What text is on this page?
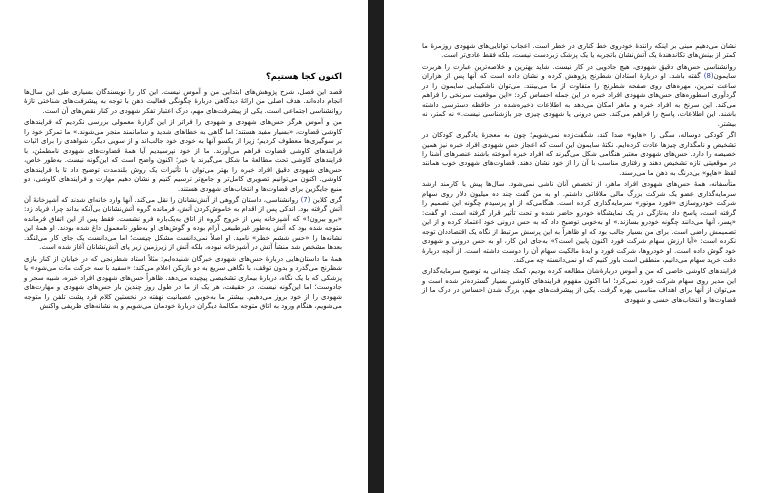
اکنون کجا هستیم؟

قصد این فصل، شرح پژوهش‌های ابتدایی من و آموس نیست. این کار را نویسندگان بسیاری طی این سال‌ها انجام داده‌اند. هدف اصلی من ارائهٔ دیدگاهی دربارهٔ چگونگی فعالیت ذهن با توجه به پیشرفت‌های شناختی تازهٔ روانشناسی اجتماعی است. یکی از پیشرفت‌های مهم، درک اعتبار تفکر شهودی در کنار نقص‌های آن است.

من و آموس هرگز حس‌های شهودی و شهودی را فراتر از این گزارهٔ معمولی بررسی نکردیم که فرایندهای کاوشی قضاوت، «بسیار مفید هستند؛ اما گاهی به خطاهای شدید و سامانمند منجر می‌شوند.» ما تمرکز خود را بر سوگیری‌ها معطوف کردیم؛ زیرا از یکسو آنها به خودی خود جالب‌اند و از سویی دیگر، شواهدی را برای اثبات فرایندهای کاوشی قضاوت فراهم می‌آورند. ما از خود نپرسیدیم آیا همهٔ قضاوت‌های شهودی نامطمئن، با فرایندهای کاوشی تحت مطالعهٔ ما شکل می‌گیرند یا خیر؛ اکنون واضح است که این‌گونه نیست. به‌طور خاص، حس‌های شهودی دقیق افراد خبره را بهتر می‌توان با تأثیرات یک روش بلندمدت توضیح داد تا با فرایندهای کاوشی. اکنون می‌توانیم تصویری کامل‌تر و جامع‌تر ترسیم کنیم و نشان دهیم مهارت و فرایندهای کاوشی، دو منبع جایگزین برای قضاوت‌ها و انتخاب‌های شهودی هستند.

گری کلاین (7) روانشناسی، داستان گروهی از آتش‌نشانان را نقل می‌کند. آنها وارد خانه‌ای شدند که آشپزخانهٔ آن آتش گرفته بود. اندکی پس از اقدام به خاموش‌کردن آتش، فرمانده گروه آتش‌نشانان بی‌آنکه بداند چرا، فریاد زد: «برو بیرون!» که آشپزخانه پس از خروج گروه از اتاق به‌یک‌باره فرو نشست. فقط پس از این اتفاق فرمانده متوجه شده بود که آتش به‌طور غیرطبیعی آرام بوده و گوش‌های او به‌طور نامعمول داغ شده بودند. او همهٔ این نشانه‌ها را «حس ششم خطر» نامید. او اصلاً نمی‌دانست مشکل چیست؛ اما می‌دانست یک جای کار می‌لنگد. بعدها مشخص شد منشأ آتش در آشپزخانه نبوده، بلکه آتش از زیرزمین زیر پای آتش‌نشانان آغاز شده است.

همهٔ ما داستان‌هایی دربارهٔ حس‌های شهودی خبرگان شنیده‌ایم: مثلاً استاد شطرنجی که در خیابان از کنار بازی شطرنج می‌گذرد و بدون توقف، با نگاهی سریع به دو بازیکن اعلام می‌کند: «سفید با سه حرکت مات می‌شود» یا پزشکی که با یک نگاه، دربارهٔ بیماری تشخیصی پیچیده می‌دهد. ظاهراً حس‌های شهودی افراد خبره، شبیه سحر و جادوست؛ اما این‌گونه نیست. در حقیقت، هر یک از ما در طول روز چندین بار حس‌های شهودی و مهارت‌های شهودی را از خود بروز می‌دهیم. بیشتر ما به‌خوبی عصبانیت نهفته در نخستین کلام فرد پشت تلفن را متوجه می‌شویم، هنگام ورود به اتاق متوجه مکالمهٔ دیگران دربارهٔ خودمان می‌شویم و به نشانه‌های ظریفی واکنش

نشان می‌دهیم مبنی بر اینکه رانندهٔ خودروی خط کناری در خطر است. اعجاب توانایی‌های شهودی روزمرهٔ ما کمتر از بینش‌های تکاندهندهٔ یک آتش‌نشان باتجربه یا یک پزشک زبردست نیست، بلکه فقط عادی‌تر است.

روانشناسی حس‌های دقیق شهودی، هیچ جادویی در کار نیست. شاید بهترین و خلاصه‌ترین عبارت را هربرت سایمون(8) گفته باشد. او دربارهٔ استادان شطرنج پژوهش کرده و نشان داده است که آنها پس از هزاران ساعت تمرین، مهره‌های روی صفحه شطرنج را متفاوت از ما می‌بینند. می‌توان ناشکیبایی سایمون را در گردآوری اسطوره‌های حس‌های شهودی افراد خبره در این جمله احساس کرد: «این موقعیت سرنخی را فراهم می‌کند. این سرنخ به افراد خبره و ماهر امکان می‌دهد به اطلاعات ذخیره‌شده در حافظه دسترسی داشته باشند. این اطلاعات، پاسخ را فراهم می‌کند. حس درونی یا شهودی چیزی جز بازشناسی نیست.» نه کمتر، نه بیشتر.

اگر کودکی دوساله، سگی را «هاپو» صدا کند، شگفت‌زده نمی‌شویم؛ چون به معجزهٔ یادگیری کودکان در تشخیص و نامگذاری چیزها عادت کرده‌ایم. نکتهٔ سایمون این است که اعجاز حس شهودی افراد خبره نیز همین خصیصه را دارد. حس‌های شهودی معتبر هنگامی شکل می‌گیرند که افراد خبره آموخته باشند عنصرهای آشنا را در موقعیتی تازه تشخیص دهند و رفتاری مناسب با آن را از خود نشان دهند. قضاوت‌های شهودی خوب همانند لفظ «هاپو» بی‌درنگ به ذهن ما می‌رسند.

متأسفانه، همهٔ حس‌های شهودی افراد ماهر، از تخصص آنان ناشی نمی‌شود. سال‌ها پیش با کارمند ارشد سرمایه‌گذاری عضو یک شرکت بزرگ مالی ملاقاتی داشتم. او به من گفت چند ده میلیون دلار روی سهام شرکت خودروسازی «فورد موتور» سرمایه‌گذاری کرده است. هنگامی‌که از او پرسیدم چگونه این تصمیم را گرفته است، پاسخ داد به‌تازگی در یک نمایشگاه خودرو حاضر شده و تحت تأثیر قرار گرفته است. او گفت: «پسر، آنها می‌دانند چگونه خودرو بسازند.» او به‌خوبی توضیح داد که به حس درونی خود اعتماد کرده و از این تصمیمش راضی است. برای من بسیار جالب بود که او ظاهراً به این پرسش مرتبط از نگاه یک اقتصاددان توجه نکرده است: «آیا ارزش سهام شرکت فورد اکنون پایین است؟» به‌جای این کار، او به حس درونی و شهودی خود گوش داده است. او خودروها، شرکت فورد و ایدهٔ مالکیت سهام آن را دوست داشته است. از آنچه دربارهٔ دقت خرید سهام می‌دانیم، منطقی است باور کنیم که او نمی‌دانسته چه می‌کند.

فرایندهای کاوشی خاصی که من و آموس دربارهٔ‌شان مطالعه کرده بودیم، کمک چندانی به توضیح سرمایه‌گذاری این مدیر روی سهام شرکت فورد نمی‌کرد؛ اما اکنون مفهوم فرایندهای کاوشی بسیار گسترده‌تر شده است و می‌توان از آنها برای اهداف مناسبی بهره گرفت. یکی از پیشرفت‌های مهم، بزرگ شدن احساس در درک ما از قضاوت‌ها و انتخاب‌های حسی و شهودی
